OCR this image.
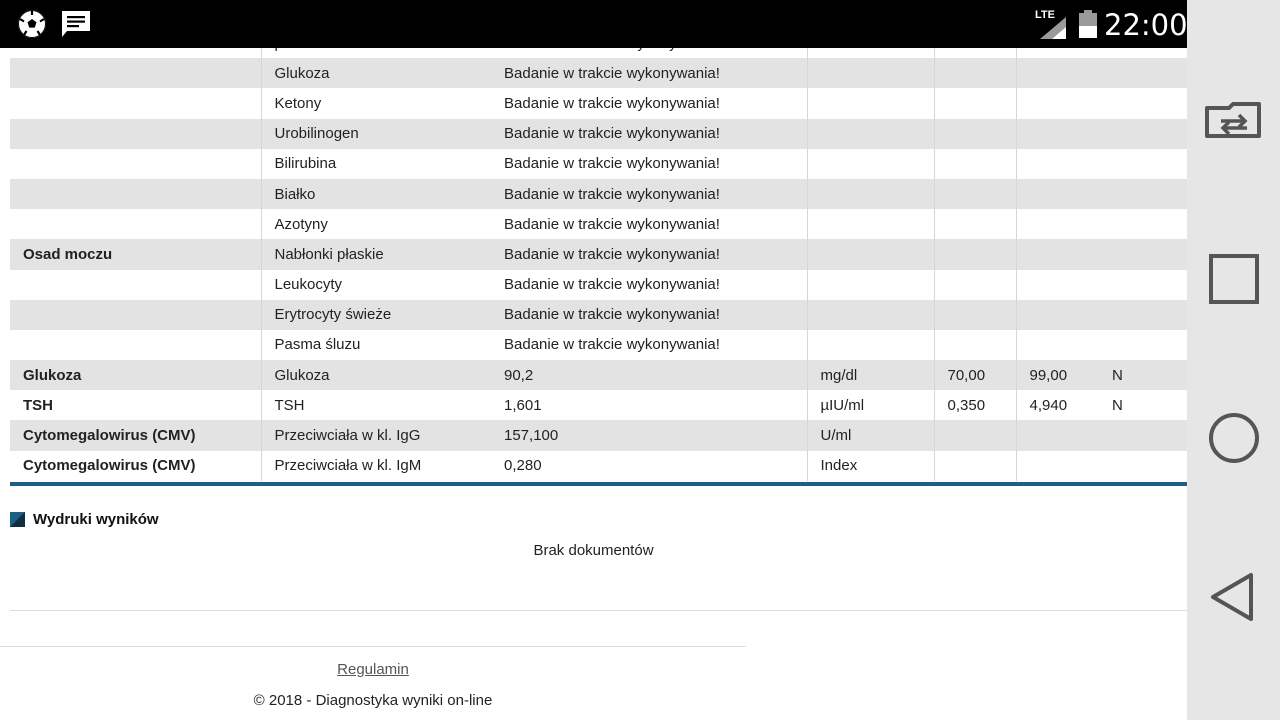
	Glukoza	Badanie w trakcie wykonywania!				
	Ketony	Badanie w trakcie wykonywania!				
	Urobilinogen	Badanie w trakcie wykonywania!				
	Bilirubina	Badanie w trakcie wykonywania!				
	Białko	Badanie w trakcie wykonywania!				
	Azotyny	Badanie w trakcie wykonywania!				
Osad moczu	Nabłonki płaskie	Badanie w trakcie wykonywania!				
	Leukocyty	Badanie w trakcie wykonywania!				
	Erytrocyty świeże	Badanie w trakcie wykonywania!				
	Pasma śluzu	Badanie w trakcie wykonywania!				
Glukoza	Glukoza	90,2	mg/dl	70,00	99,00	N
TSH	TSH	1,601	µIU/ml	0,350	4,940	N
Cytomegalowirus (CMV)	Przeciwciała w kl. IgG	157,100	U/ml			
Cytomegalowirus (CMV)	Przeciwciała w kl. IgM	0,280	Index			
Wydruki wyników
Brak dokumentów
Regulamin
© 2018 - Diagnostyka wyniki on-line
LTE 22:00
